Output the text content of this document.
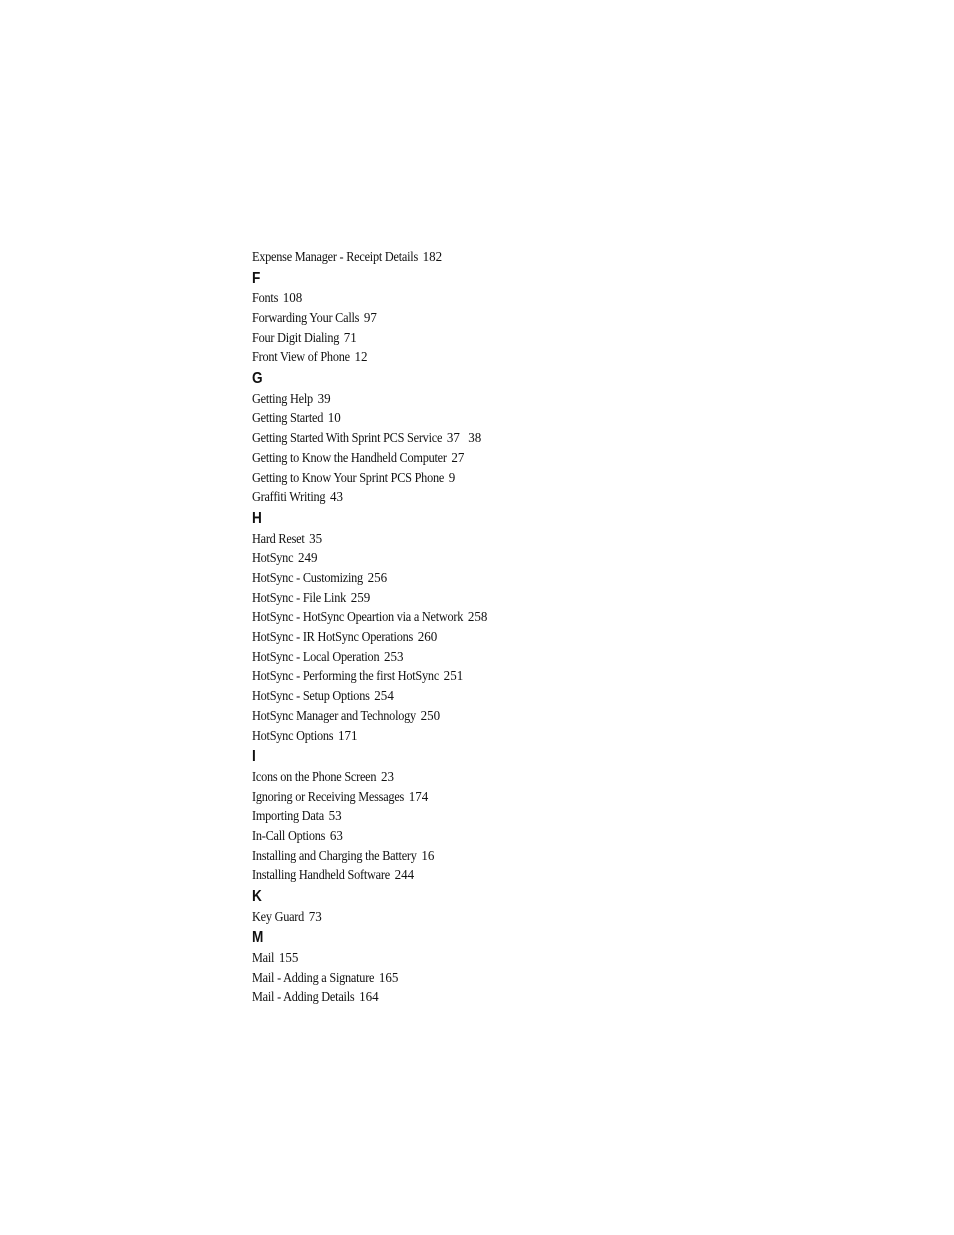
Expense Manager - Receipt Details 182
F
Fonts 108
Forwarding Your Calls 97
Four Digit Dialing 71
Front View of Phone 12
G
Getting Help 39
Getting Started 10
Getting Started With Sprint PCS Service 37 38
Getting to Know the Handheld Computer 27
Getting to Know Your Sprint PCS Phone 9
Graffiti Writing 43
H
Hard Reset 35
HotSync 249
HotSync - Customizing 256
HotSync - File Link 259
HotSync - HotSync Opeartion via a Network 258
HotSync - IR HotSync Operations 260
HotSync - Local Operation 253
HotSync - Performing the first HotSync 251
HotSync - Setup Options 254
HotSync Manager and Technology 250
HotSync Options 171
I
Icons on the Phone Screen 23
Ignoring or Receiving Messages 174
Importing Data 53
In-Call Options 63
Installing and Charging the Battery 16
Installing Handheld Software 244
K
Key Guard 73
M
Mail 155
Mail - Adding a Signature 165
Mail - Adding Details 164
